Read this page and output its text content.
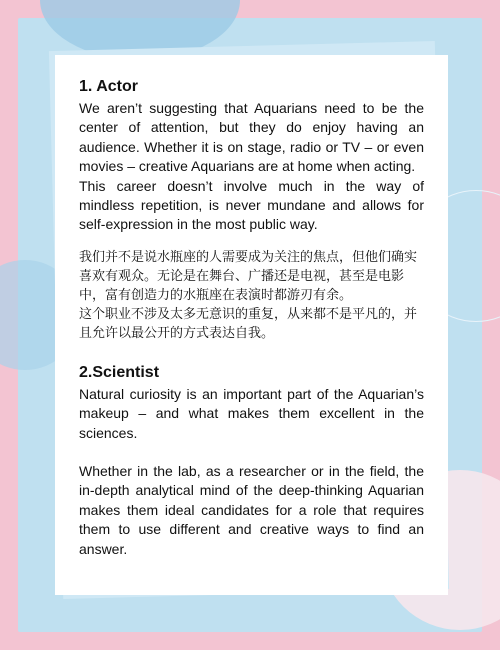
1. Actor

We aren’t suggesting that Aquarians need to be the center of attention, but they do enjoy having an audience. Whether it is on stage, radio or TV – or even movies – creative Aquarians are at home when acting.

This career doesn’t involve much in the way of mindless repetition, is never mundane and allows for self-expression in the most public way.

我们并不是说水瓶座的人需要成为关注的焦点，但他们确实喜欢有观众。无论是在舞台、广播还是电视，甚至是电影中，富有创造力的水瓶座在表演时都游刃有余。

这个职业不涉及太多无意识的重复，从来都不是平凡的，并且允许以最公开的方式表达自我。

2.Scientist

Natural curiosity is an important part of the Aquarian’s makeup – and what makes them excellent in the sciences.

Whether in the lab, as a researcher or in the field, the in-depth analytical mind of the deep-thinking Aquarian makes them ideal candidates for a role that requires them to use different and creative ways to find an answer.
